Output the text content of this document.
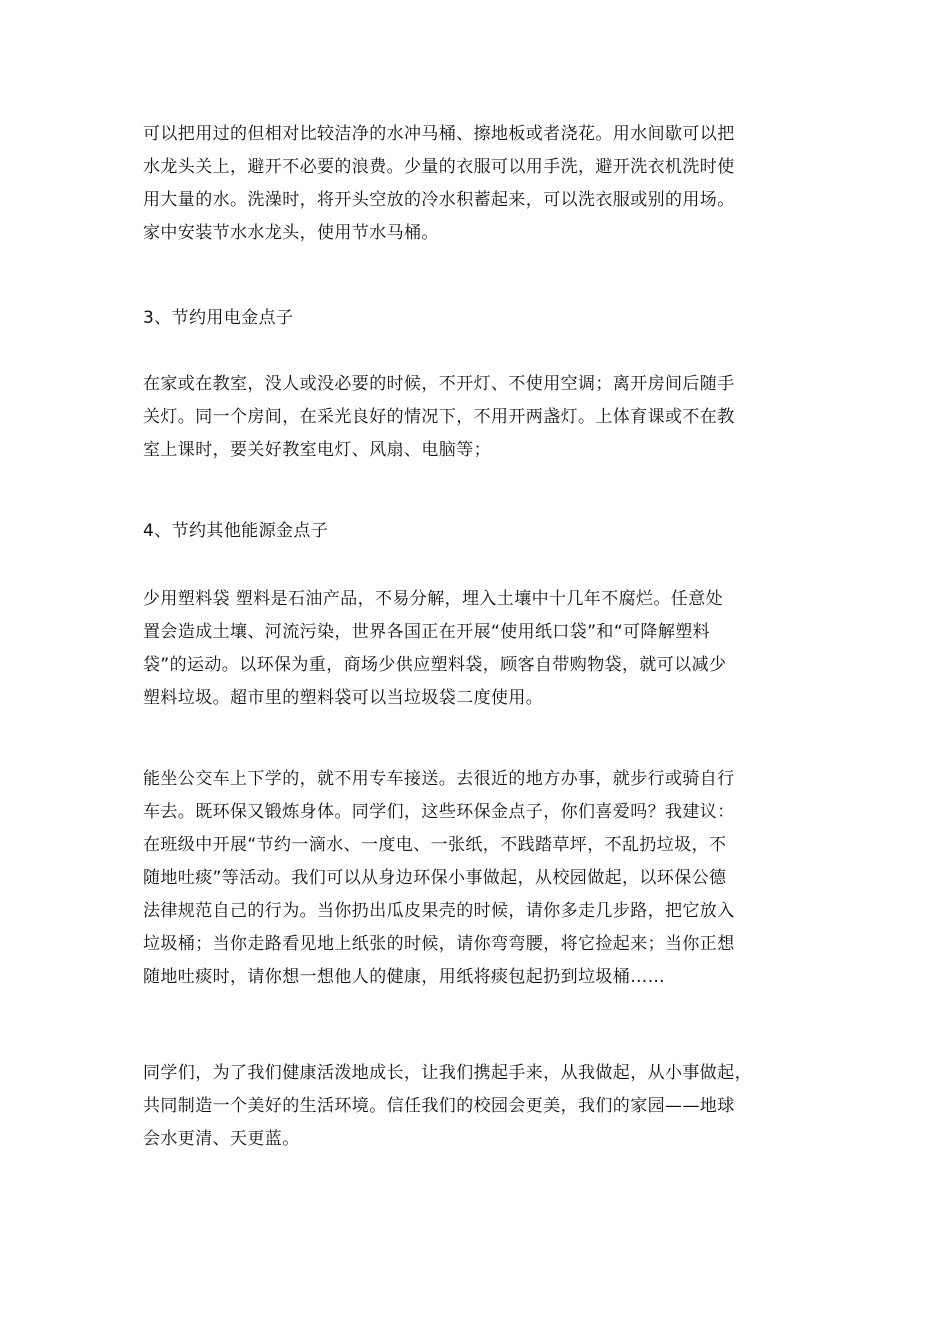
可以把用过的但相对比较洁净的水冲马桶、擦地板或者浇花。用水间歇可以把
水龙头关上，避开不必要的浪费。少量的衣服可以用手洗，避开洗衣机洗时使
用大量的水。洗澡时，将开头空放的冷水积蓄起来，可以洗衣服或别的用场。
家中安装节水水龙头，使用节水马桶。
3、节约用电金点子
在家或在教室，没人或没必要的时候，不开灯、不使用空调；离开房间后随手
关灯。同一个房间，在采光良好的情况下，不用开两盏灯。上体育课或不在教
室上课时，要关好教室电灯、风扇、电脑等；
4、节约其他能源金点子
少用塑料袋 塑料是石油产品，不易分解，埋入土壤中十几年不腐烂。任意处
置会造成土壤、河流污染，世界各国正在开展“使用纸口袋”和“可降解塑料
袋”的运动。以环保为重，商场少供应塑料袋，顾客自带购物袋，就可以减少
塑料垃圾。超市里的塑料袋可以当垃圾袋二度使用。
能坐公交车上下学的，就不用专车接送。去很近的地方办事，就步行或骑自行
车去。既环保又锻炼身体。同学们，这些环保金点子，你们喜爱吗？我建议：
在班级中开展“节约一滴水、一度电、一张纸，不践踏草坪，不乱扔垃圾，不
随地吐痰”等活动。我们可以从身边环保小事做起，从校园做起，以环保公德
法律规范自己的行为。当你扔出瓜皮果壳的时候，请你多走几步路，把它放入
垃圾桶；当你走路看见地上纸张的时候，请你弯弯腰，将它捡起来；当你正想
随地吐痰时，请你想一想他人的健康，用纸将痰包起扔到垃圾桶……
同学们，为了我们健康活泼地成长，让我们携起手来，从我做起，从小事做起，
共同制造一个美好的生活环境。信任我们的校园会更美，我们的家园——地球
会水更清、天更蓝。
